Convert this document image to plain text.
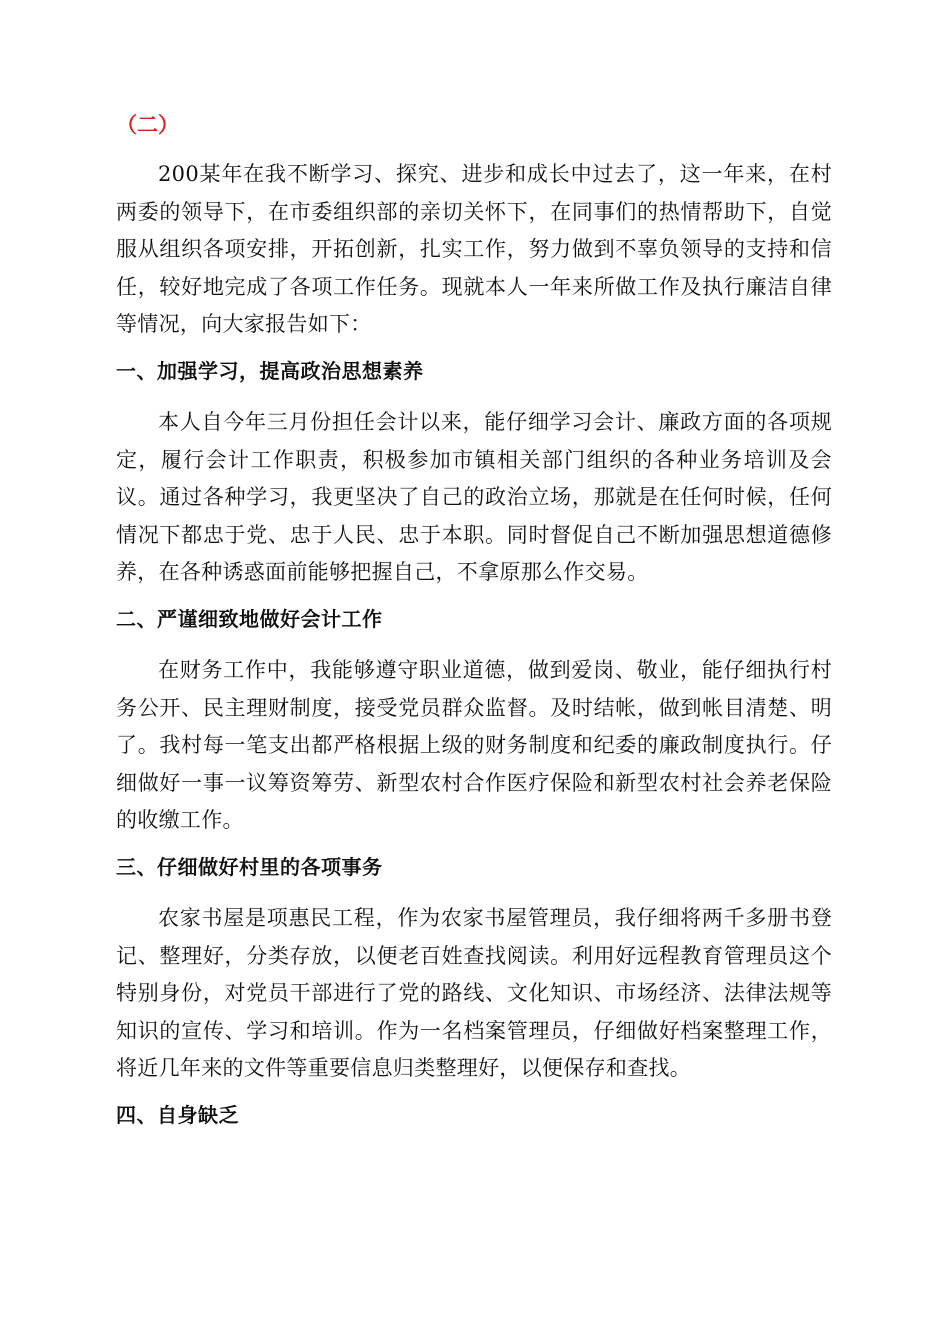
（二）

200某年在我不断学习、探究、进步和成长中过去了，这一年来，在村两委的领导下，在市委组织部的亲切关怀下，在同事们的热情帮助下，自觉服从组织各项安排，开拓创新，扎实工作，努力做到不辜负领导的支持和信任，较好地完成了各项工作任务。现就本人一年来所做工作及执行廉洁自律等情况，向大家报告如下：

一、加强学习，提高政治思想素养

本人自今年三月份担任会计以来，能仔细学习会计、廉政方面的各项规定，履行会计工作职责，积极参加市镇相关部门组织的各种业务培训及会议。通过各种学习，我更坚决了自己的政治立场，那就是在任何时候，任何情况下都忠于党、忠于人民、忠于本职。同时督促自己不断加强思想道德修养，在各种诱惑面前能够把握自己，不拿原那么作交易。

二、严谨细致地做好会计工作

在财务工作中，我能够遵守职业道德，做到爱岗、敬业，能仔细执行村务公开、民主理财制度，接受党员群众监督。及时结帐，做到帐目清楚、明了。我村每一笔支出都严格根据上级的财务制度和纪委的廉政制度执行。仔细做好一事一议筹资筹劳、新型农村合作医疗保险和新型农村社会养老保险的收缴工作。

三、仔细做好村里的各项事务

农家书屋是项惠民工程，作为农家书屋管理员，我仔细将两千多册书登记、整理好，分类存放，以便老百姓查找阅读。利用好远程教育管理员这个特别身份，对党员干部进行了党的路线、文化知识、市场经济、法律法规等知识的宣传、学习和培训。作为一名档案管理员，仔细做好档案整理工作，将近几年来的文件等重要信息归类整理好，以便保存和查找。

四、自身缺乏
